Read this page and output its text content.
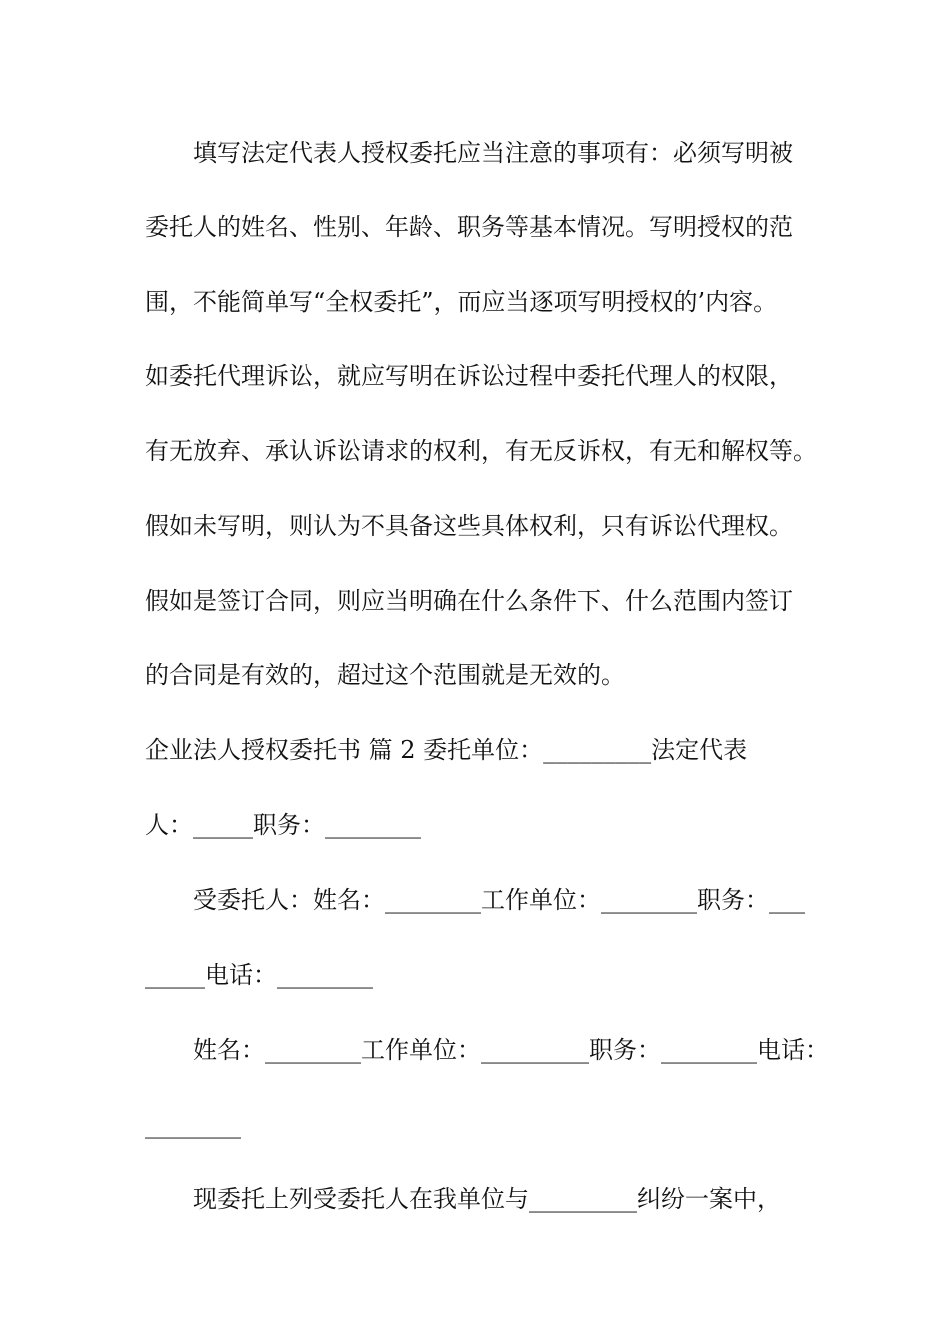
填写法定代表人授权委托应当注意的事项有：必须写明被
委托人的姓名、性别、年龄、职务等基本情况。写明授权的范
围，不能简单写“全权委托”，而应当逐项写明授权的’内容。
如委托代理诉讼，就应写明在诉讼过程中委托代理人的权限，
有无放弃、承认诉讼请求的权利，有无反诉权，有无和解权等。
假如未写明，则认为不具备这些具体权利，只有诉讼代理权。
假如是签订合同，则应当明确在什么条件下、什么范围内签订
的合同是有效的，超过这个范围就是无效的。
企业法人授权委托书 篇 2 委托单位：_________法定代表
人：_____职务：________
受委托人：姓名：________工作单位：________职务：___
_____电话：________
姓名：________工作单位：_________职务：________电话：
________
现委托上列受委托人在我单位与_________纠纷一案中，
